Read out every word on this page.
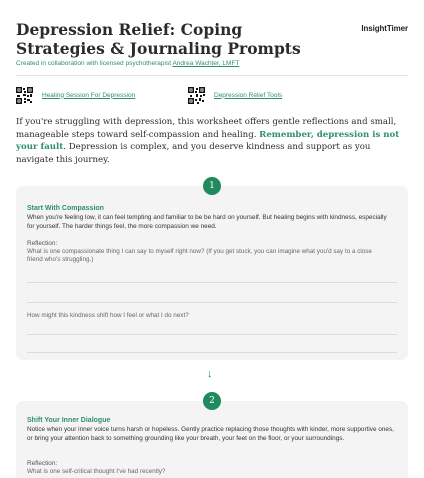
Depression Relief: Coping Strategies & Journaling Prompts
InsightTimer
Created in collaboration with licensed psychotherapist Andrea Wachter, LMFT
Healing Session For Depression	Depression Relief Tools
If you're struggling with depression, this worksheet offers gentle reflections and small, manageable steps toward self-compassion and healing. Remember, depression is not your fault. Depression is complex, and you deserve kindness and support as you navigate this journey.
Start With Compassion
When you're feeling low, it can feel tempting and familiar to be be hard on yourself. But healing begins with kindness, especially for yourself. The harder things feel, the more compassion we need.
Reflection:
What is one compassionate thing I can say to myself right now? (If you get stuck, you can imagine what you'd say to a close friend who's struggling.)
How might this kindness shift how I feel or what I do next?
1
↓
Shift Your Inner Dialogue
Notice when your inner voice turns harsh or hopeless. Gently practice replacing those thoughts with kinder, more supportive ones, or bring your attention back to something grounding like your breath, your feet on the floor, or your surroundings.
Reflection:
What is one self-critical thought I've had recently?
2
